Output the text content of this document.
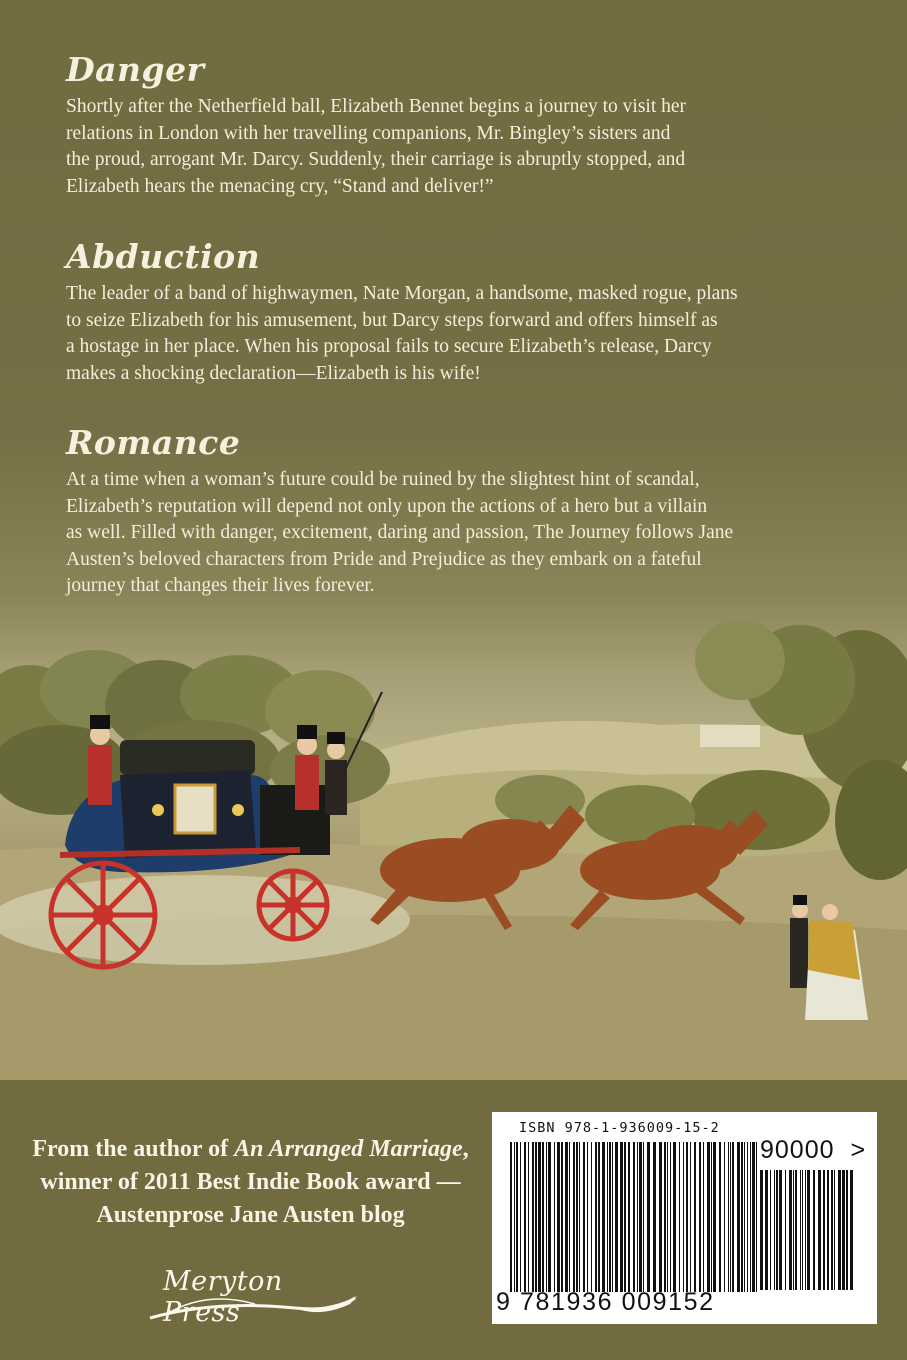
Danger

Shortly after the Netherfield ball, Elizabeth Bennet begins a journey to visit her

relations in London with her travelling companions, Mr. Bingley’s sisters and

the proud, arrogant Mr. Darcy. Suddenly, their carriage is abruptly stopped, and

Elizabeth hears the menacing cry, “Stand and deliver!”

Abduction

The leader of a band of highwaymen, Nate Morgan, a handsome, masked rogue, plans

to seize Elizabeth for his amusement, but Darcy steps forward and offers himself as

a hostage in her place. When his proposal fails to secure Elizabeth’s release, Darcy

makes a shocking declaration—Elizabeth is his wife!

Romance

At a time when a woman’s future could be ruined by the slightest hint of scandal,

Elizabeth’s reputation will depend not only upon the actions of a hero but a villain

as well. Filled with danger, excitement, daring and passion, The Journey follows Jane

Austen’s beloved characters from Pride and Prejudice as they embark on a fateful

journey that changes their lives forever.

From the author of An Arranged Marriage,
winner of 2011 Best Indie Book award —
Austenprose Jane Austen blog
Meryton Press
ISBN 978-1-936009-15-2
90000 >
9 781936 009152
